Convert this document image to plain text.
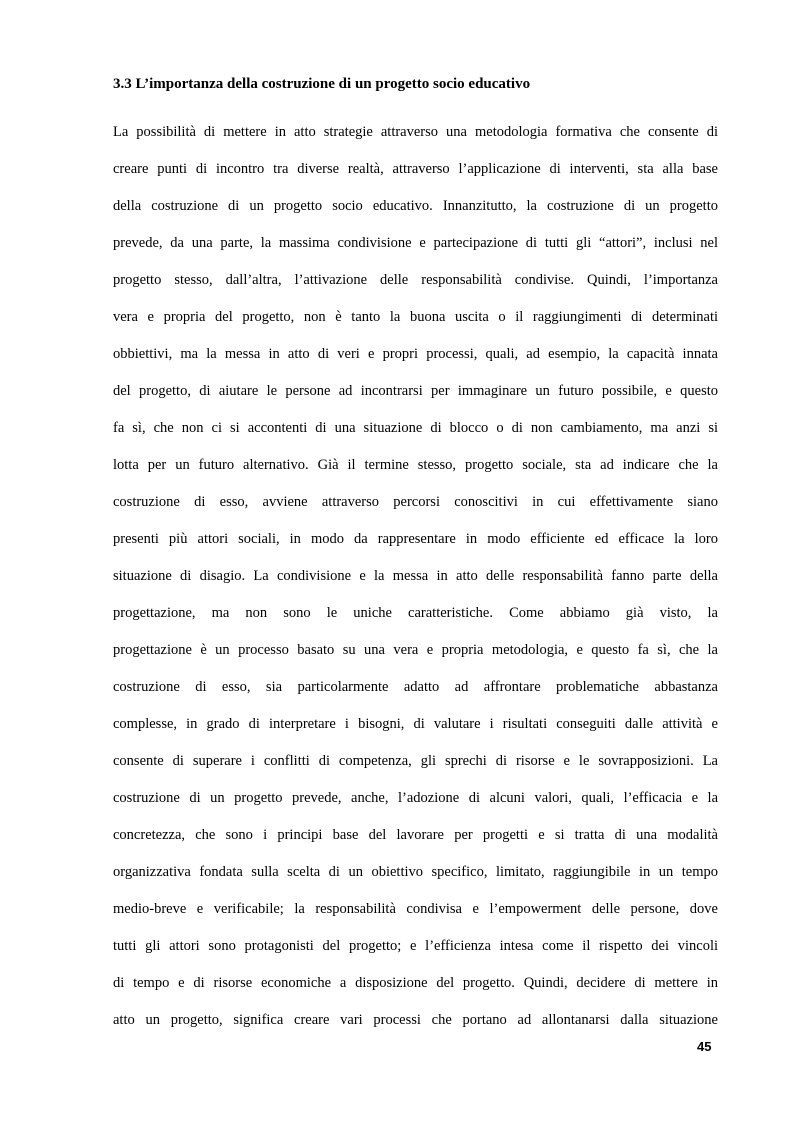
3.3 L’importanza della costruzione di un progetto socio educativo
La possibilità di mettere in atto strategie attraverso una metodologia formativa che consente di
creare punti di incontro tra diverse realtà, attraverso l’applicazione di interventi, sta alla base
della costruzione di un progetto socio educativo. Innanzitutto, la costruzione di un progetto
prevede, da una parte, la massima condivisione e partecipazione di tutti gli “attori”, inclusi nel
progetto stesso, dall’altra, l’attivazione delle responsabilità condivise. Quindi, l’importanza
vera e propria del progetto, non è tanto la buona uscita o il raggiungimenti di determinati
obbiettivi, ma la messa in atto di veri e propri processi, quali, ad esempio, la capacità innata
del progetto, di aiutare le persone ad incontrarsi per immaginare un futuro possibile, e questo
fa sì, che non ci si accontenti di una situazione di blocco o di non cambiamento, ma anzi si
lotta per un futuro alternativo. Già il termine stesso, progetto sociale, sta ad indicare che la
costruzione di esso, avviene attraverso percorsi conoscitivi in cui effettivamente siano
presenti più attori sociali, in modo da rappresentare in modo efficiente ed efficace la loro
situazione di disagio. La condivisione e la messa in atto delle responsabilità fanno parte della
progettazione, ma non sono le uniche caratteristiche. Come abbiamo già visto, la
progettazione è un processo basato su una vera e propria metodologia, e questo fa sì, che la
costruzione di esso, sia particolarmente adatto ad affrontare problematiche abbastanza
complesse, in grado di interpretare i bisogni, di valutare i risultati conseguiti dalle attività e
consente di superare i conflitti di competenza, gli sprechi di risorse e le sovrapposizioni. La
costruzione di un progetto prevede, anche, l’adozione di alcuni valori, quali, l’efficacia e la
concretezza, che sono i principi base del lavorare per progetti e si tratta di una modalità
organizzativa fondata sulla scelta di un obiettivo specifico, limitato, raggiungibile in un tempo
medio-breve e verificabile; la responsabilità condivisa e l’empowerment delle persone, dove
tutti gli attori sono protagonisti del progetto; e l’efficienza intesa come il rispetto dei vincoli
di tempo e di risorse economiche a disposizione del progetto. Quindi, decidere di mettere in
atto un progetto, significa creare vari processi che portano ad allontanarsi dalla situazione
45
